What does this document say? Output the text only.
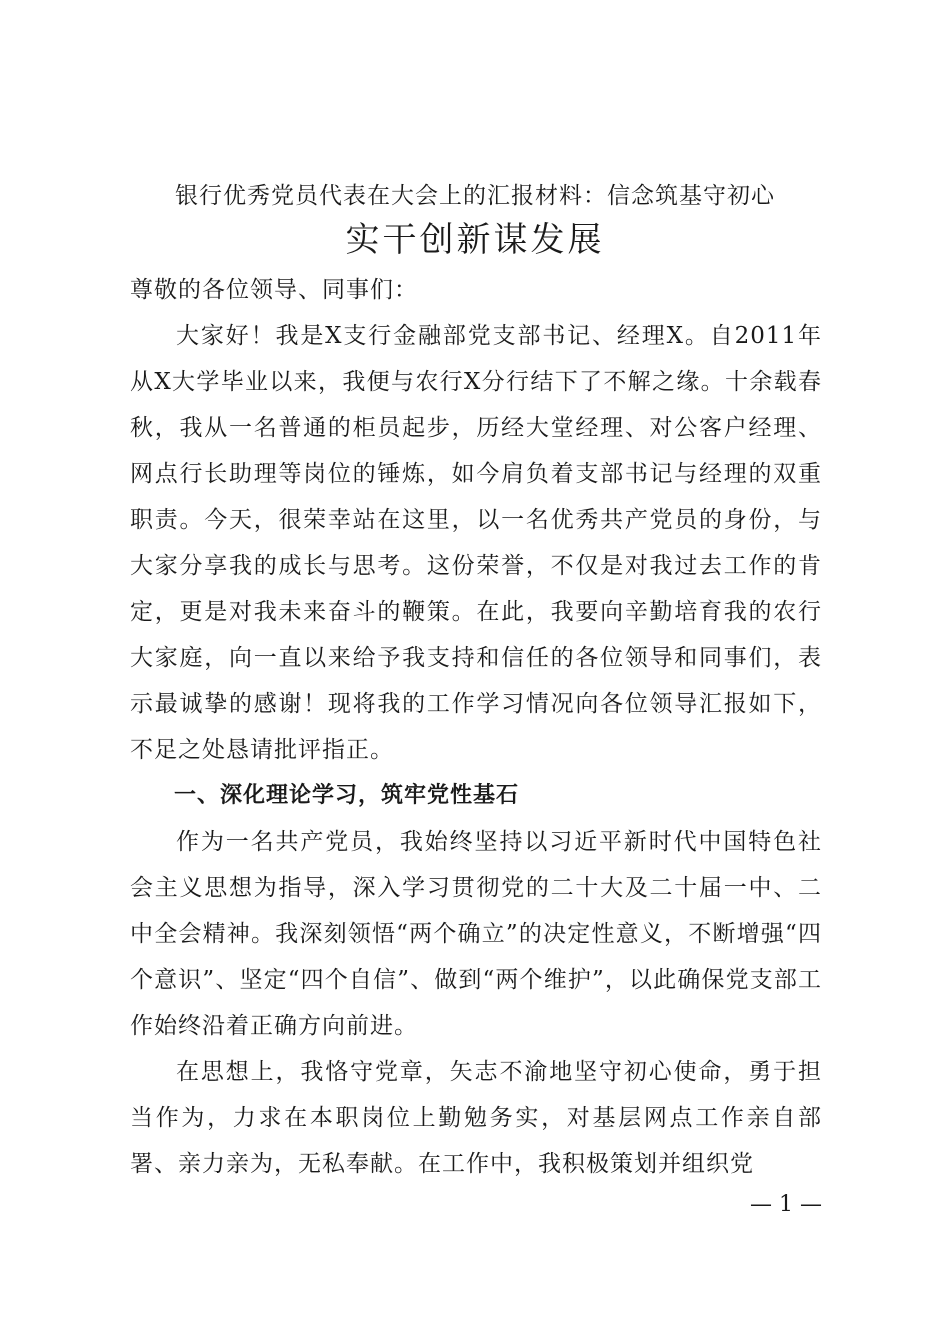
银行优秀党员代表在大会上的汇报材料：信念筑基守初心
实干创新谋发展

尊敬的各位领导、同事们：

大家好！我是X支行金融部党支部书记、经理X。自2011年从X大学毕业以来，我便与农行X分行结下了不解之缘。十余载春秋，我从一名普通的柜员起步，历经大堂经理、对公客户经理、网点行长助理等岗位的锤炼，如今肩负着支部书记与经理的双重职责。今天，很荣幸站在这里，以一名优秀共产党员的身份，与大家分享我的成长与思考。这份荣誉，不仅是对我过去工作的肯定，更是对我未来奋斗的鞭策。在此，我要向辛勤培育我的农行大家庭，向一直以来给予我支持和信任的各位领导和同事们，表示最诚挚的感谢！现将我的工作学习情况向各位领导汇报如下，不足之处恳请批评指正。

一、深化理论学习，筑牢党性基石

作为一名共产党员，我始终坚持以习近平新时代中国特色社会主义思想为指导，深入学习贯彻党的二十大及二十届一中、二中全会精神。我深刻领悟“两个确立”的决定性意义，不断增强“四个意识”、坚定“四个自信”、做到“两个维护”，以此确保党支部工作始终沿着正确方向前进。

在思想上，我恪守党章，矢志不渝地坚守初心使命，勇于担当作为，力求在本职岗位上勤勉务实，对基层网点工作亲自部署、亲力亲为，无私奉献。在工作中，我积极策划并组织党

— 1 —
